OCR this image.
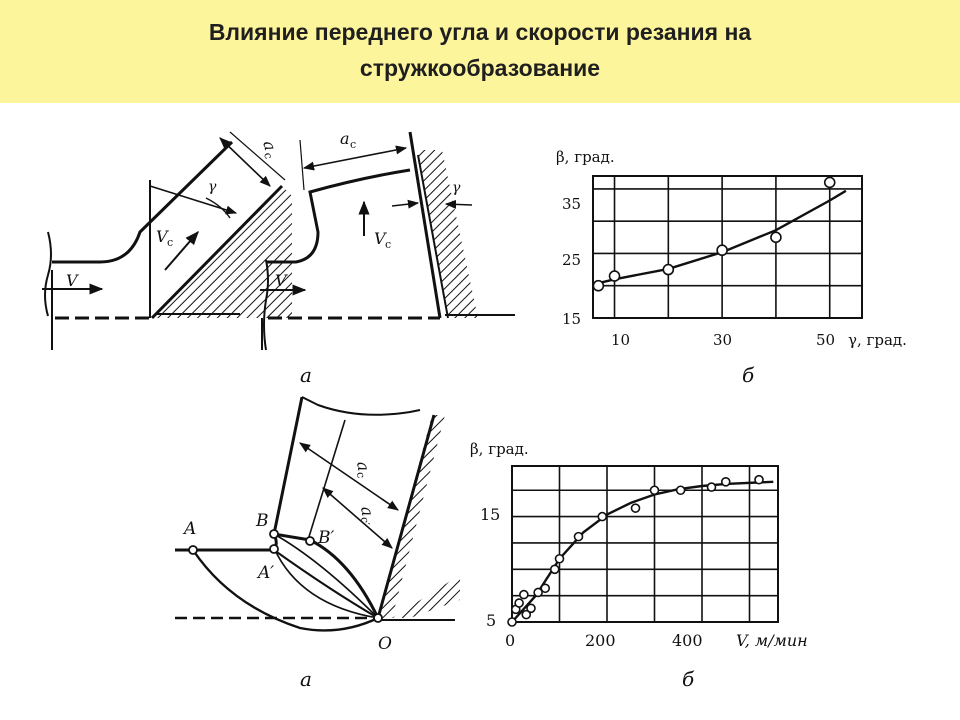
Влияние переднего угла и скорости резания на
стружкообразование
V
V c
γ
a
c
V
V c
γ
a c
а
β, град.
γ, град.
15
25
35
10	30	50
б
A	B
A′
B′
O
a
c
a
c′
а
β, град.
V, м/мин
5
15
0	200	400
б
